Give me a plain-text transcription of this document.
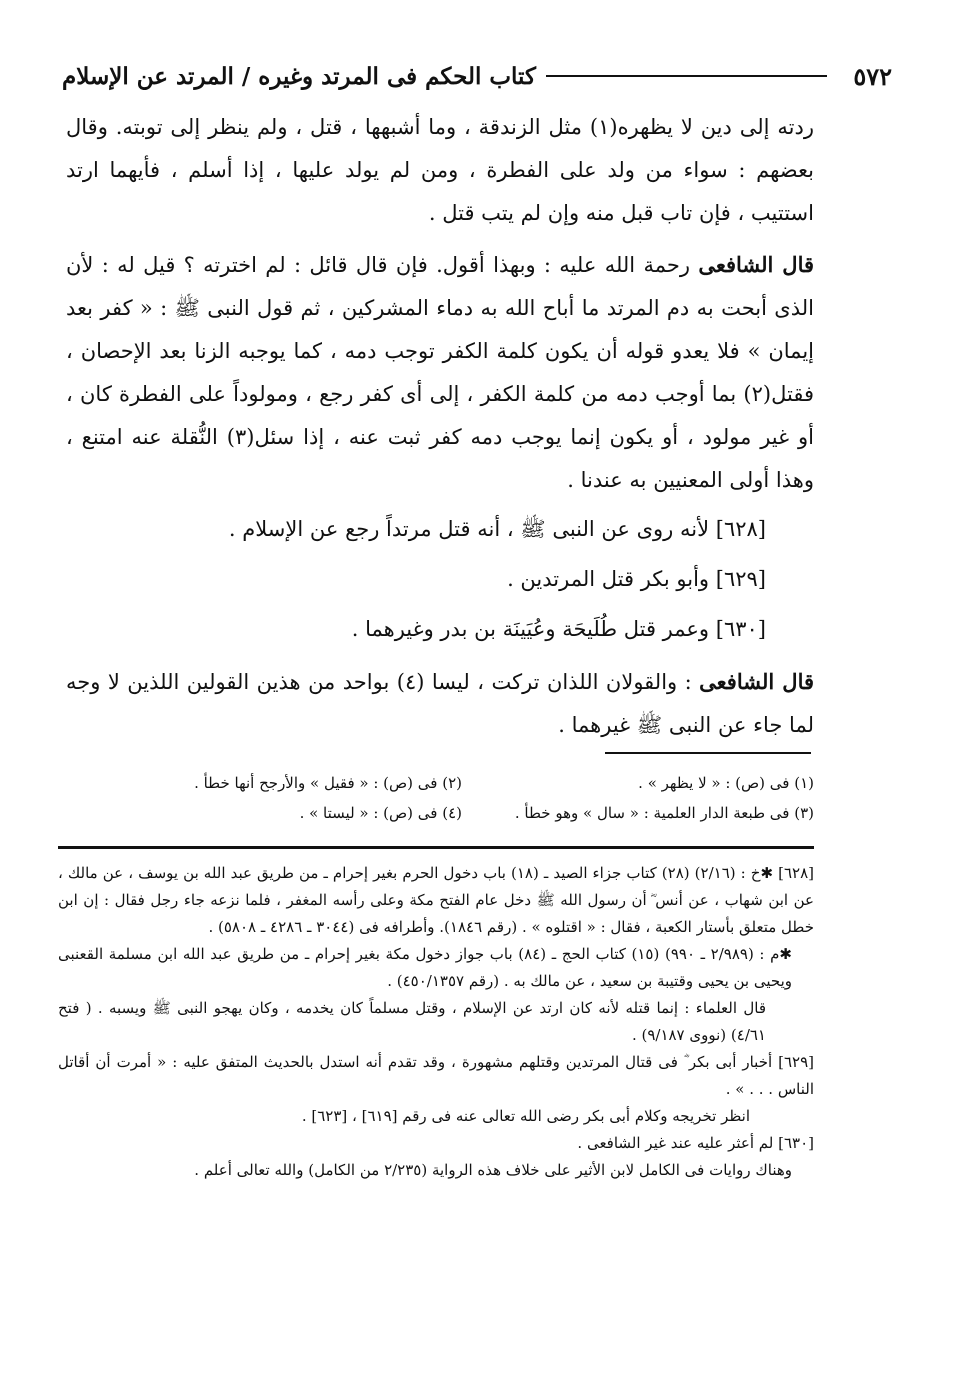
٥٧٢
كتاب الحكم فى المرتد وغيره / المرتد عن الإسلام

ردته إلى دين لا يظهره(١) مثل الزندقة ، وما أشبهها ، قتل ، ولم ينظر إلى توبته. وقال بعضهم : سواء من ولد على الفطرة ، ومن لم يولد عليها ، إذا أسلم ، فأيهما ارتد استتيب ، فإن تاب قبل منه وإن لم يتب قتل .

قال الشافعى رحمة الله عليه : وبهذا أقول. فإن قال قائل : لم اخترته ؟ قيل له : لأن الذى أبحت به دم المرتد ما أباح الله به دماء المشركين ، ثم قول النبى ﷺ : « كفر بعد إيمان » فلا يعدو قوله أن يكون كلمة الكفر توجب دمه ، كما يوجبه الزنا بعد الإحصان ، فقتل(٢) بما أوجب دمه من كلمة الكفر ، إلى أى كفر رجع ، ومولوداً على الفطرة كان ، أو غير مولود ، أو يكون إنما يوجب دمه كفر ثبت عنه ، إذا سئل(٣) النُّقلة عنه امتنع ، وهذا أولى المعنيين به عندنا .

[٦٢٨] لأنه روى عن النبى ﷺ ، أنه قتل مرتداً رجع عن الإسلام .

[٦٢٩] وأبو بكر قتل المرتدين .

[٦٣٠] وعمر قتل طُلَيحَة وعُيَينَة بن بدر وغيرهما .

قال الشافعى : والقولان اللذان تركت ، ليسا (٤) بواحد من هذين القولين اللذين لا وجه لما جاء عن النبى ﷺ غيرهما .

(١) فى (ص) : « لا يظهر » .
(٢) فى (ص) : « فقيل » والأرجح أنها خطأ .
(٣) فى طبعة الدار العلمية : « سال » وهو خطأ .
(٤) فى (ص) : « ليستا » .

[٦٢٨] ✱خ : (٢/١٦) (٢٨) كتاب جزاء الصيد ـ (١٨) باب دخول الحرم بغير إحرام ـ من طريق عبد الله بن يوسف ، عن مالك ، عن ابن شهاب ، عن أنس ؓ أن رسول الله ﷺ دخل عام الفتح مكة وعلى رأسه المغفر ، فلما نزعه جاء رجل فقال : إن ابن خطل متعلق بأستار الكعبة ، فقال : « اقتلوه » . (رقم ١٨٤٦). وأطرافه فى (٣٠٤٤ ـ ٤٢٨٦ ـ ٥٨٠٨) .

✱م : (٢/٩٨٩ ـ ٩٩٠) (١٥) كتاب الحج ـ (٨٤) باب جواز دخول مكة بغير إحرام ـ من طريق عبد الله ابن مسلمة القعنبى ويحيى بن يحيى وقتيبة بن سعيد ، عن مالك به . (رقم ٤٥٠/١٣٥٧) .

قال العلماء : إنما قتله لأنه كان ارتد عن الإسلام ، وقتل مسلماً كان يخدمه ، وكان يهجو النبى ﷺ ويسبه . ( فتح ٤/٦١) (نووى ٩/١٨٧) .

[٦٢٩] أخبار أبى بكر ؓ فى قتال المرتدين وقتلهم مشهورة ، وقد تقدم أنه استدل بالحديث المتفق عليه : « أمرت أن أقاتل الناس . . . » .

انظر تخريجه وكلام أبى بكر رضى الله تعالى عنه فى رقم [٦١٩] ، [٦٢٣] .

[٦٣٠] لم أعثر عليه عند غير الشافعى .

وهناك روايات فى الكامل لابن الأثير على خلاف هذه الرواية (٢/٢٣٥ من الكامل) والله تعالى أعلم .
